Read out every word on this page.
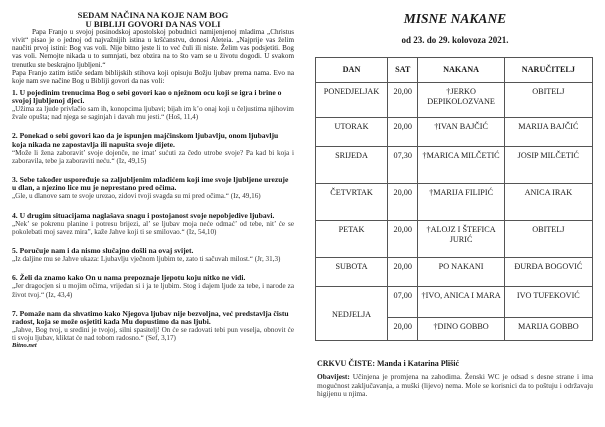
SEDAM NAČINA NA KOJE NAM BOG
U BIBLIJI GOVORI DA NAS VOLI

Papa Franjo u svojoj posinodskoj apostolskoj pobudnici namijenjenoj mladima „Christus vivit“ pisao je o jednoj od najvažnijih istina u kršćanstvu, donosi Aleteia. „Najprije vas želim naučiti prvoj istini: Bog vas voli. Nije bitno jeste li to već čuli ili niste. Želim vas podsjetiti. Bog vas voli. Nemojte nikada u to sumnjati, bez obzira na to što vam se u životu dogodi. U svakom trenutku ste beskrajno ljubljeni.“

Papa Franjo zatim ističe sedam biblijskih stihova koji opisuju Božju ljubav prema nama. Evo na koje nam sve načine Bog u Bibliji govori da nas voli:

1. U pojedinim trenucima Bog o sebi govori kao o nježnom ocu koji se igra i brine o svojoj ljubljenoj djeci.

„Užima za ljude privlačio sam ih, konopcima ljubavi; bijah im k’o onaj koji u čeljustima njihovim žvale opušta; nad njega se saginjah i davah mu jesti.“ (Hoš, 11,4)

2. Ponekad o sebi govori kao da je ispunjen majčinskom ljubavlju, onom ljubavlju koja nikada ne zapostavlja ili napušta svoje dijete.

“Može li žena zaboravit’ svoje dojenče, ne imat’ sućuti za čedo utrobe svoje? Pa kad bi koja i zaboravila, tebe ja zaboraviti neću.“ (Iz, 49,15)

3. Sebe također uspoređuje sa zaljubljenim mladićem koji ime svoje ljubljene urezuje u dlan, a njezino lice mu je neprestano pred očima.

„Gle, u dlanove sam te svoje urezao, zidovi tvoji svagda su mi pred očima.“ (Iz, 49,16)

4. U drugim situacijama naglašava snagu i postojanost svoje nepobjedive ljubavi.

„Nek’ se pokrenu planine i potresu brijezi, al’ se ljubav moja neće odmać’ od tebe, nit’ će se pokolebati moj savez mira”, kaže Jahve koji ti se smilovao.“ (Iz, 54,10)

5. Poručuje nam i da nismo slučajno došli na ovaj svijet.

„Iz daljine mu se Jahve ukaza: Ljubavlju vječnom ljubim te, zato ti sačuvah milost.“ (Jr, 31,3)

6. Želi da znamo kako On u nama prepoznaje ljepotu koju nitko ne vidi.

„Jer dragocjen si u mojim očima, vrijedan si i ja te ljubim. Stog i dajem ljude za tebe, i narode za život tvoj.“ (Iz, 43,4)

7. Pomaže nam da shvatimo kako Njegova ljubav nije bezvoljna, već predstavlja čistu radost, koja se može osjetiti kada Mu dopustimo da nas ljubi.

„Jahve, Bog tvoj, u sredini je tvojoj, silni spasitelj! On će se radovati tebi pun veselja, obnovit će ti svoju ljubav, kliktat će nad tobom radosno.“ (Sef, 3,17)

Bitno.net
MISNE NAKANE
od 23. do 29. kolovoza 2021.
DAN	SAT	NAKANA	NARUČITELJ
PONEDJELJAK	20,00	†JERKO DEPIKOLOZVANE	OBITELJ
UTORAK	20,00	†IVAN BAJČIĆ	MARIJA BAJČIĆ
SRIJEDA	07,30	†MARICA MILČETIĆ	JOSIP MILČETIĆ
ČETVRTAK	20,00	†MARIJA FILIPIĆ	ANICA IRAK
PETAK	20,00	†ALOJZ I ŠTEFICA JURIĆ	OBITELJ
SUBOTA	20,00	PO NAKANI	ĐURĐA BOGOVIĆ
NEDJELJA	07,00	†IVO, ANICA I MARA	IVO TUFEKOVIĆ
	20,00	†DINO GOBBO	MARIJA GOBBO
CRKVU ČISTE: Manda i Katarina Plišić
Obavijest: Učinjena je promjena na zahodima. Ženski WC je odsad s desne strane i ima mogućnost zaključavanja, a muški (lijevo) nema. Mole se korisnici da to poštuju i održavaju higijenu u njima.
